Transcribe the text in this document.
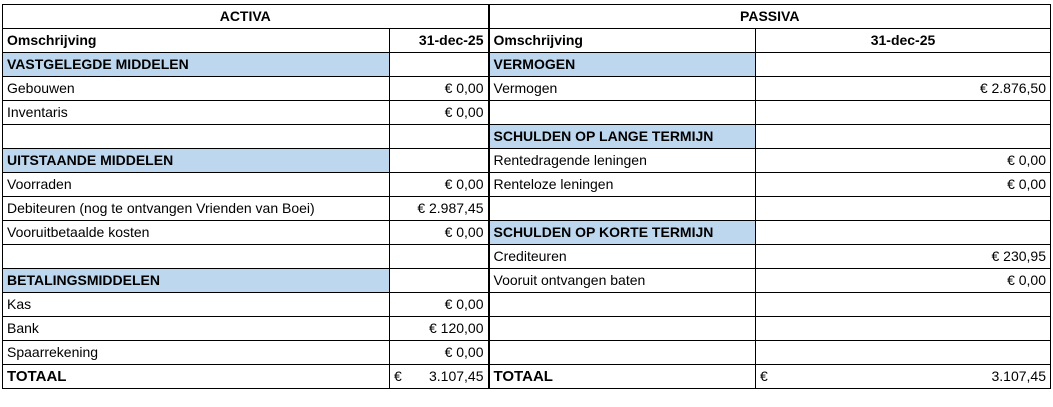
ACTIVA		PASSIVA	
Omschrijving	31-dec-25	Omschrijving	31-dec-25
VASTGELEGDE MIDDELEN		VERMOGEN	
Gebouwen	€ 0,00	Vermogen	€ 2.876,50
Inventaris	€ 0,00		
		SCHULDEN OP LANGE TERMIJN	
UITSTAANDE MIDDELEN		Rentedragende leningen	€ 0,00
Voorraden	€ 0,00	Renteloze leningen	€ 0,00
Debiteuren (nog te ontvangen Vrienden van Boei)	€ 2.987,45		
Vooruitbetaalde kosten	€ 0,00	SCHULDEN OP KORTE TERMIJN	
		Crediteuren	€ 230,95
BETALINGSMIDDELEN		Vooruit ontvangen baten	€ 0,00
Kas	€ 0,00		
Bank	€ 120,00		
Spaarrekening	€ 0,00		
TOTAAL	€ 3.107,45	TOTAAL	€ 3.107,45
